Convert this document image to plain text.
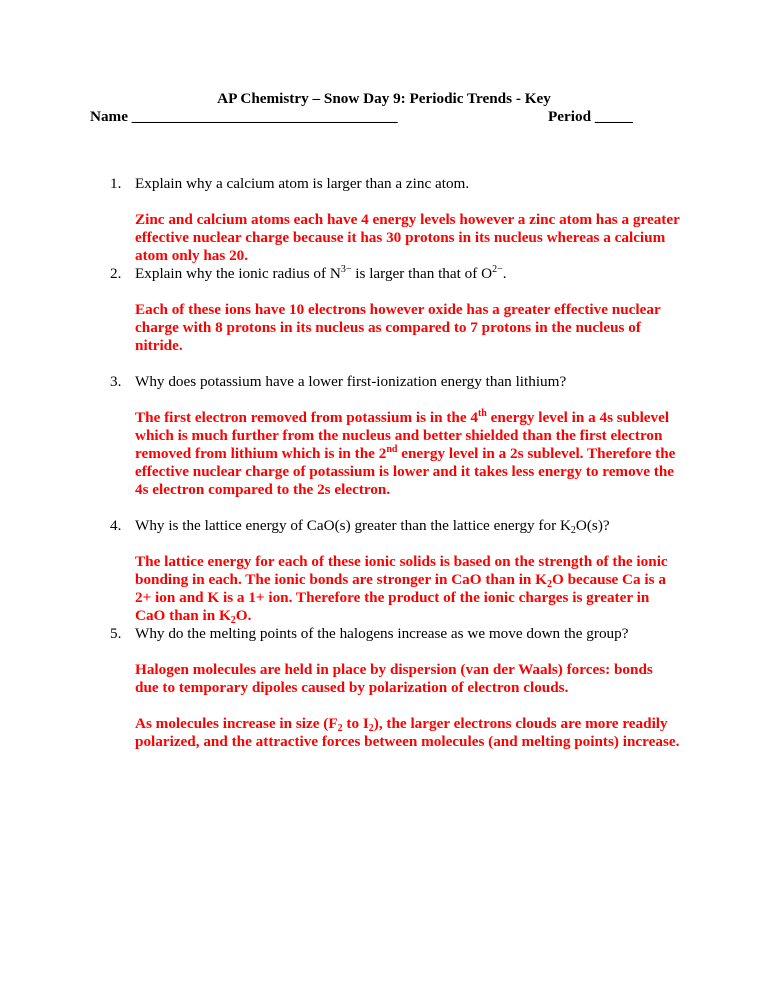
AP Chemistry – Snow Day 9: Periodic Trends - Key
Name ___________________________________	Period _____
1. Explain why a calcium atom is larger than a zinc atom.
Zinc and calcium atoms each have 4 energy levels however a zinc atom has a greater
effective nuclear charge because it has 30 protons in its nucleus whereas a calcium
atom only has 20.
2. Explain why the ionic radius of $N^{3-}$ is larger than that of $O^{2-}$.
Each of these ions have 10 electrons however oxide has a greater effective nuclear
charge with 8 protons in its nucleus as compared to 7 protons in the nucleus of
nitride.
3. Why does potassium have a lower first-ionization energy than lithium?
The first electron removed from potassium is in the 4th energy level in a 4s sublevel
which is much further from the nucleus and better shielded than the first electron
removed from lithium which is in the 2nd energy level in a 2s sublevel. Therefore the
effective nuclear charge of potassium is lower and it takes less energy to remove the
4s electron compared to the 2s electron.
4. Why is the lattice energy of CaO(s) greater than the lattice energy for $K_2O(s)$?
The lattice energy for each of these ionic solids is based on the strength of the ionic
bonding in each. The ionic bonds are stronger in CaO than in $K_2O$ because Ca is a
2+ ion and K is a 1+ ion. Therefore the product of the ionic charges is greater in
CaO than in $K_2O$.
5. Why do the melting points of the halogens increase as we move down the group?
Halogen molecules are held in place by dispersion (van der Waals) forces: bonds
due to temporary dipoles caused by polarization of electron clouds.
As molecules increase in size ($F_2$ to $I_2$), the larger electrons clouds are more readily
polarized, and the attractive forces between molecules (and melting points) increase.
